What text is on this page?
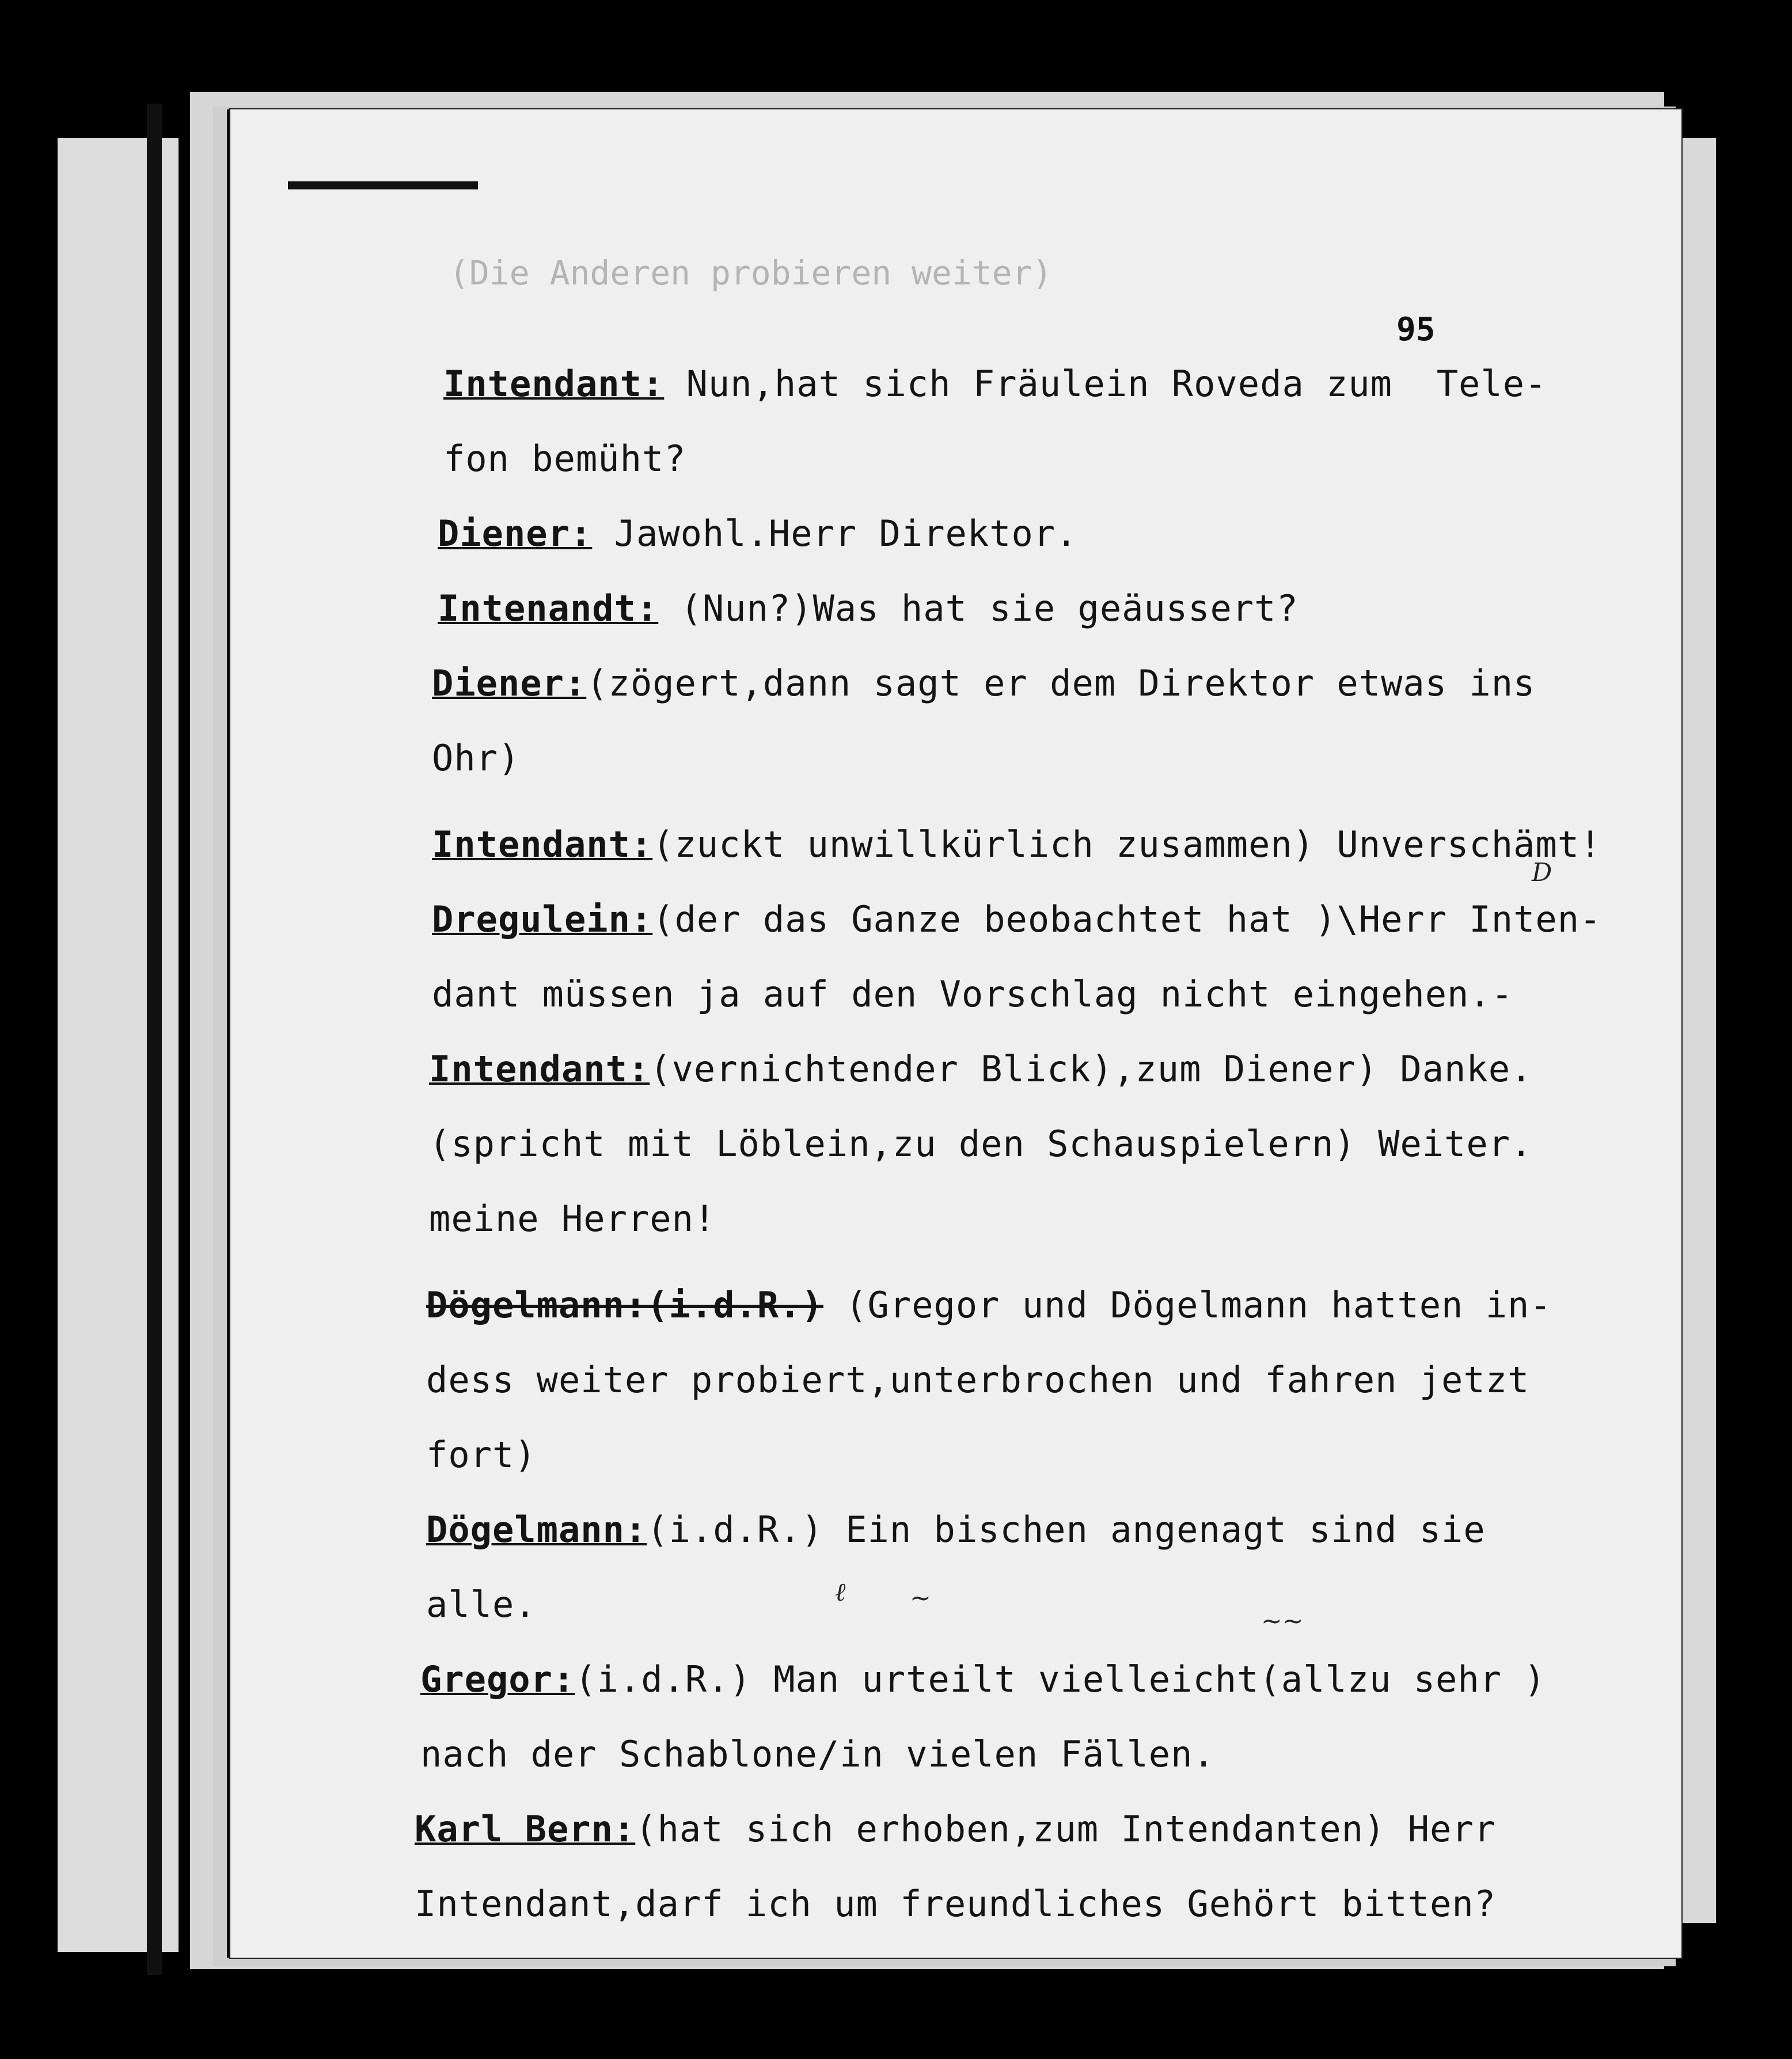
(Die Anderen probieren weiter)
95
Intendant: Nun,hat sich Fräulein Roveda zum  Tele-
fon bemüht?
Diener: Jawohl.Herr Direktor.
Intenandt: (Nun?)Was hat sie geäussert?
Diener:(zögert,dann sagt er dem Direktor etwas ins
Ohr)
Intendant:(zuckt unwillkürlich zusammen) Unverschämt!
Dregulein:(der das Ganze beobachtet hat )\Herr Inten-
dant müssen ja auf den Vorschlag nicht eingehen.-
Intendant:(vernichtender Blick),zum Diener) Danke.
(spricht mit Löblein,zu den Schauspielern) Weiter.
meine Herren!
Dögelmann:(i.d.R.) (Gregor und Dögelmann hatten in-
dess weiter probiert,unterbrochen und fahren jetzt
fort)
Dögelmann:(i.d.R.) Ein bischen angenagt sind sie
alle.
Gregor:(i.d.R.) Man urteilt vielleicht(allzu sehr )
nach der Schablone/in vielen Fällen.
Karl Bern:(hat sich erhoben,zum Intendanten) Herr
Intendant,darf ich um freundliches Gehört bitten?
D
ℓ	~
~~
